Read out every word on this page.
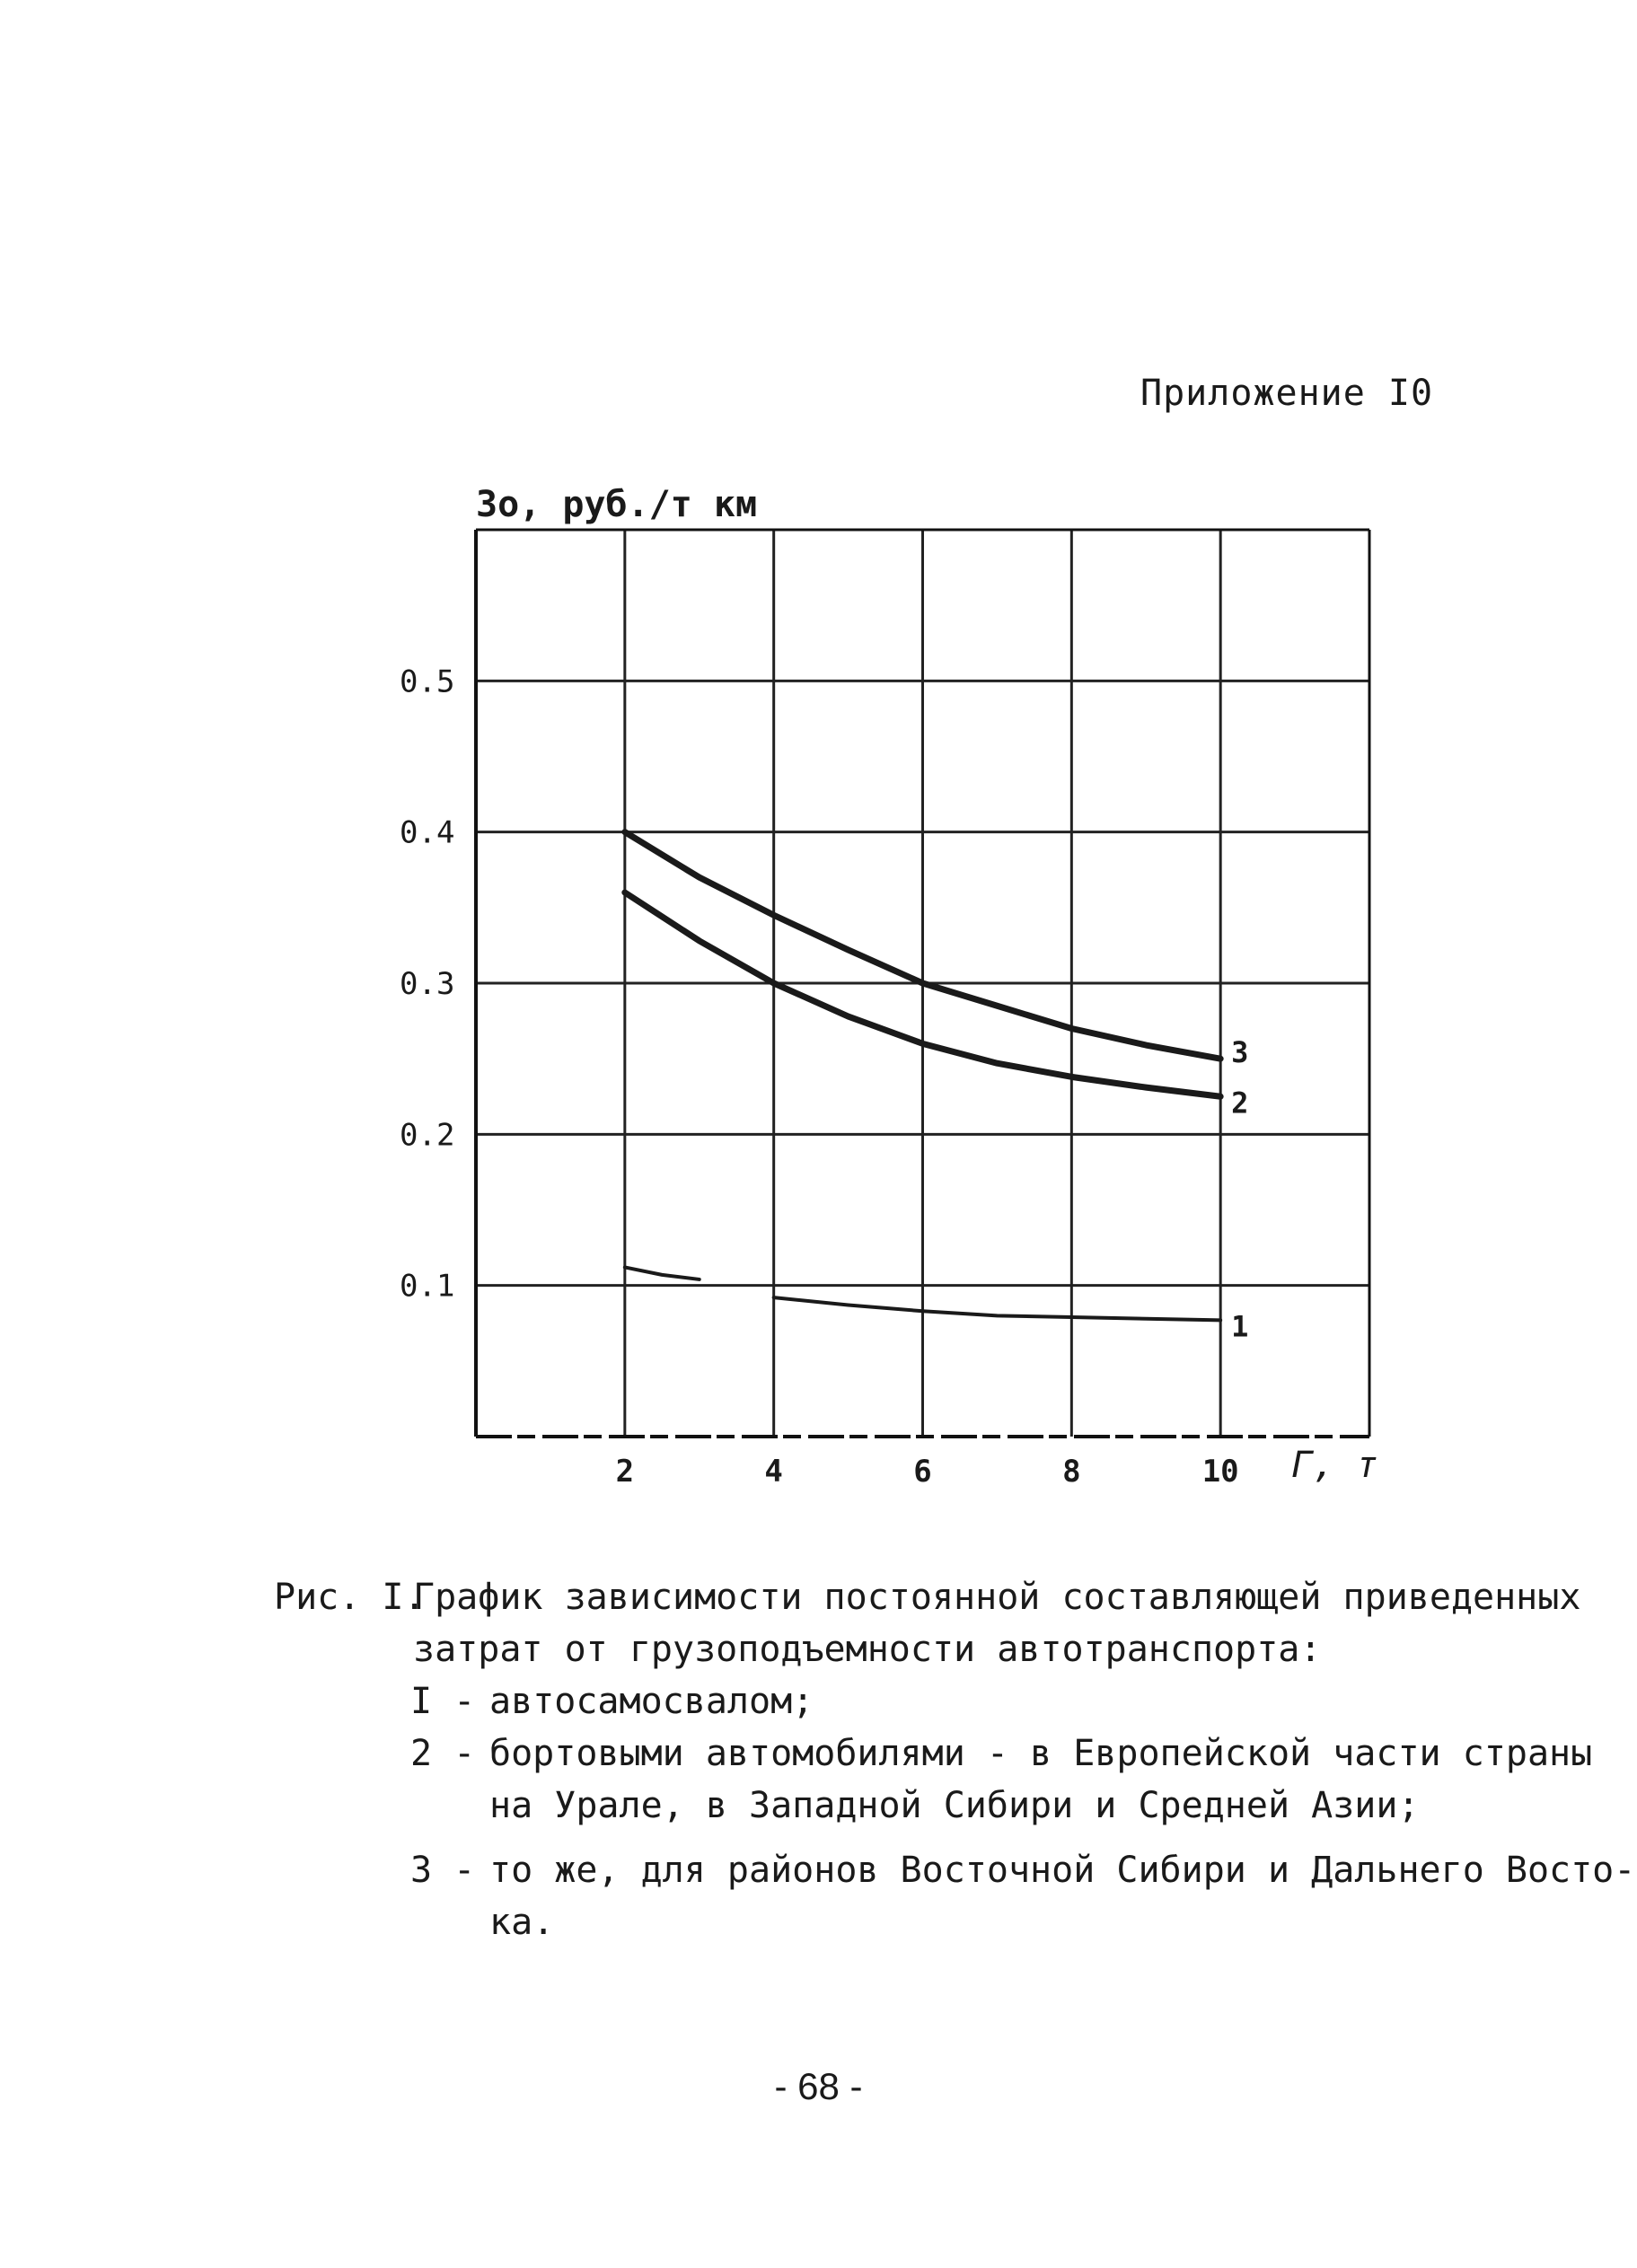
Приложение I0
0.1
0.2
0.3
0.4
0.5
2	4	6	8	10
3
2
1
3o, руб./т км
Г, т
Рис. I.График зависимости постоянной составляющей приведенных
затрат от грузоподъемности автотранспорта:
I - автосамосвалом;
2 - бортовыми автомобилями - в Европейской части страны
на Урале, в Западной Сибири и Средней Азии;
3 - то же, для районов Восточной Сибири и Дальнего Восто-
ка.
- 68 -
